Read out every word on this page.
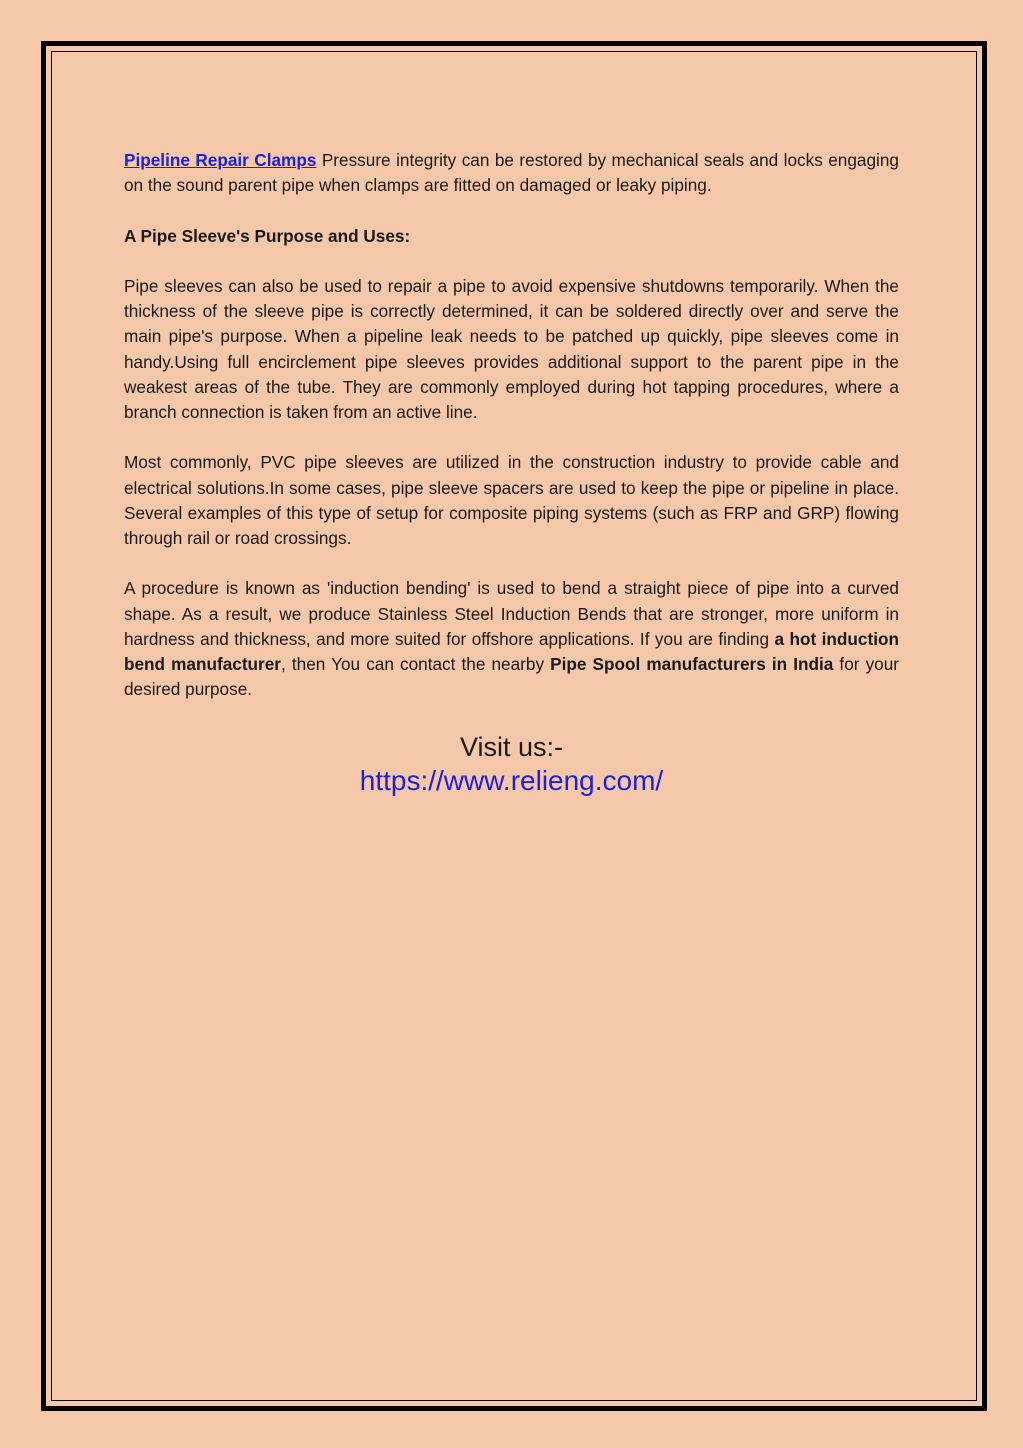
Pipeline Repair Clamps Pressure integrity can be restored by mechanical seals and locks engaging on the sound parent pipe when clamps are fitted on damaged or leaky piping.

A Pipe Sleeve's Purpose and Uses:

Pipe sleeves can also be used to repair a pipe to avoid expensive shutdowns temporarily. When the thickness of the sleeve pipe is correctly determined, it can be soldered directly over and serve the main pipe's purpose. When a pipeline leak needs to be patched up quickly, pipe sleeves come in handy.Using full encirclement pipe sleeves provides additional support to the parent pipe in the weakest areas of the tube. They are commonly employed during hot tapping procedures, where a branch connection is taken from an active line.

Most commonly, PVC pipe sleeves are utilized in the construction industry to provide cable and electrical solutions.In some cases, pipe sleeve spacers are used to keep the pipe or pipeline in place. Several examples of this type of setup for composite piping systems (such as FRP and GRP) flowing through rail or road crossings.

A procedure is known as 'induction bending' is used to bend a straight piece of pipe into a curved shape. As a result, we produce Stainless Steel Induction Bends that are stronger, more uniform in hardness and thickness, and more suited for offshore applications. If you are finding a hot induction bend manufacturer, then You can contact the nearby Pipe Spool manufacturers in India for your desired purpose.

Visit us:-
https://www.relieng.com/
